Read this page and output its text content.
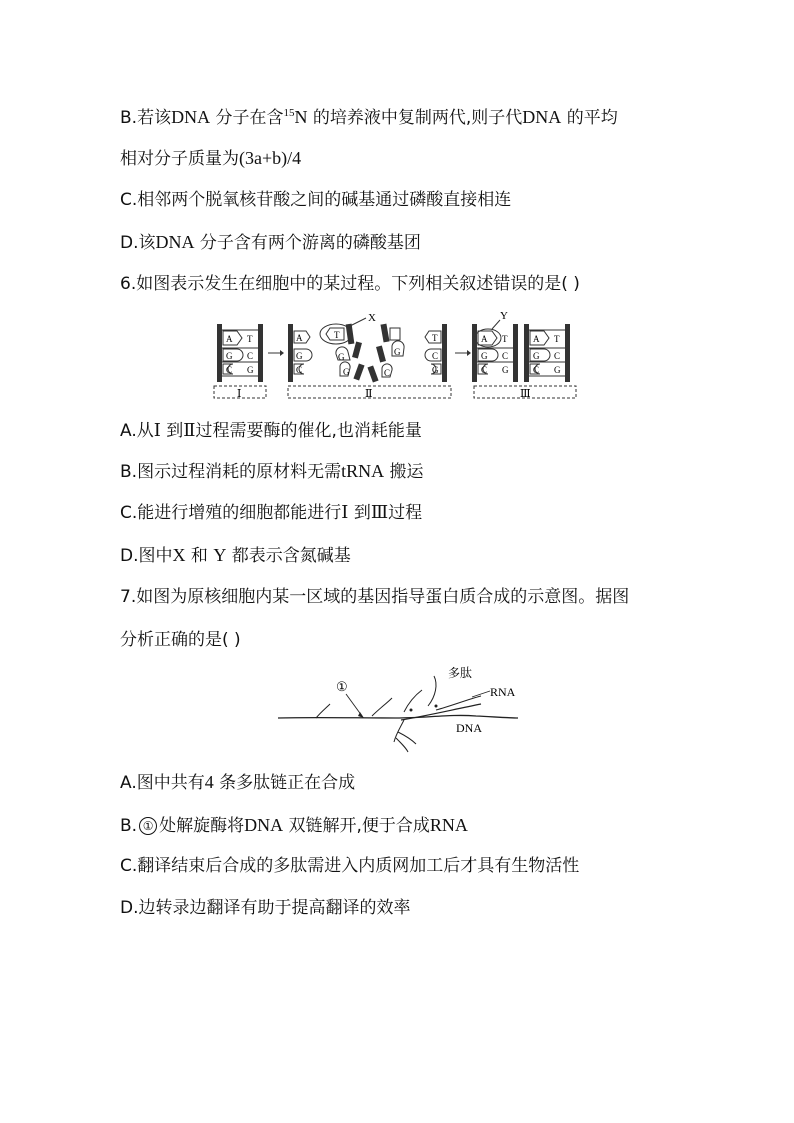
B.若该DNA 分子在含$^{15}$N 的培养液中复制两代,则子代DNA 的平均
相对分子质量为(3a+b)/4
C.相邻两个脱氧核苷酸之间的碱基通过磷酸直接相连
D.该DNA 分子含有两个游离的磷酸基团
6.如图表示发生在细胞中的某过程。下列相关叙述错误的是( )
A T
G C
C G
Ⅰ
A
G
C
T
X
G
G
G
C
T
C
G
Ⅱ
A
Y
T
G C
C G
A T
G C
C G
Ⅲ
A.从Ⅰ 到Ⅱ过程需要酶的催化,也消耗能量
B.图示过程消耗的原材料无需tRNA 搬运
C.能进行增殖的细胞都能进行Ⅰ 到Ⅲ过程
D.图中X 和 Y 都表示含氮碱基
7.如图为原核细胞内某一区域的基因指导蛋白质合成的示意图。据图
分析正确的是( )
DNA
RNA
多肽
①
A.图中共有4 条多肽链正在合成
B. ① 处解旋酶将DNA 双链解开,便于合成RNA
C.翻译结束后合成的多肽需进入内质网加工后才具有生物活性
D.边转录边翻译有助于提高翻译的效率
